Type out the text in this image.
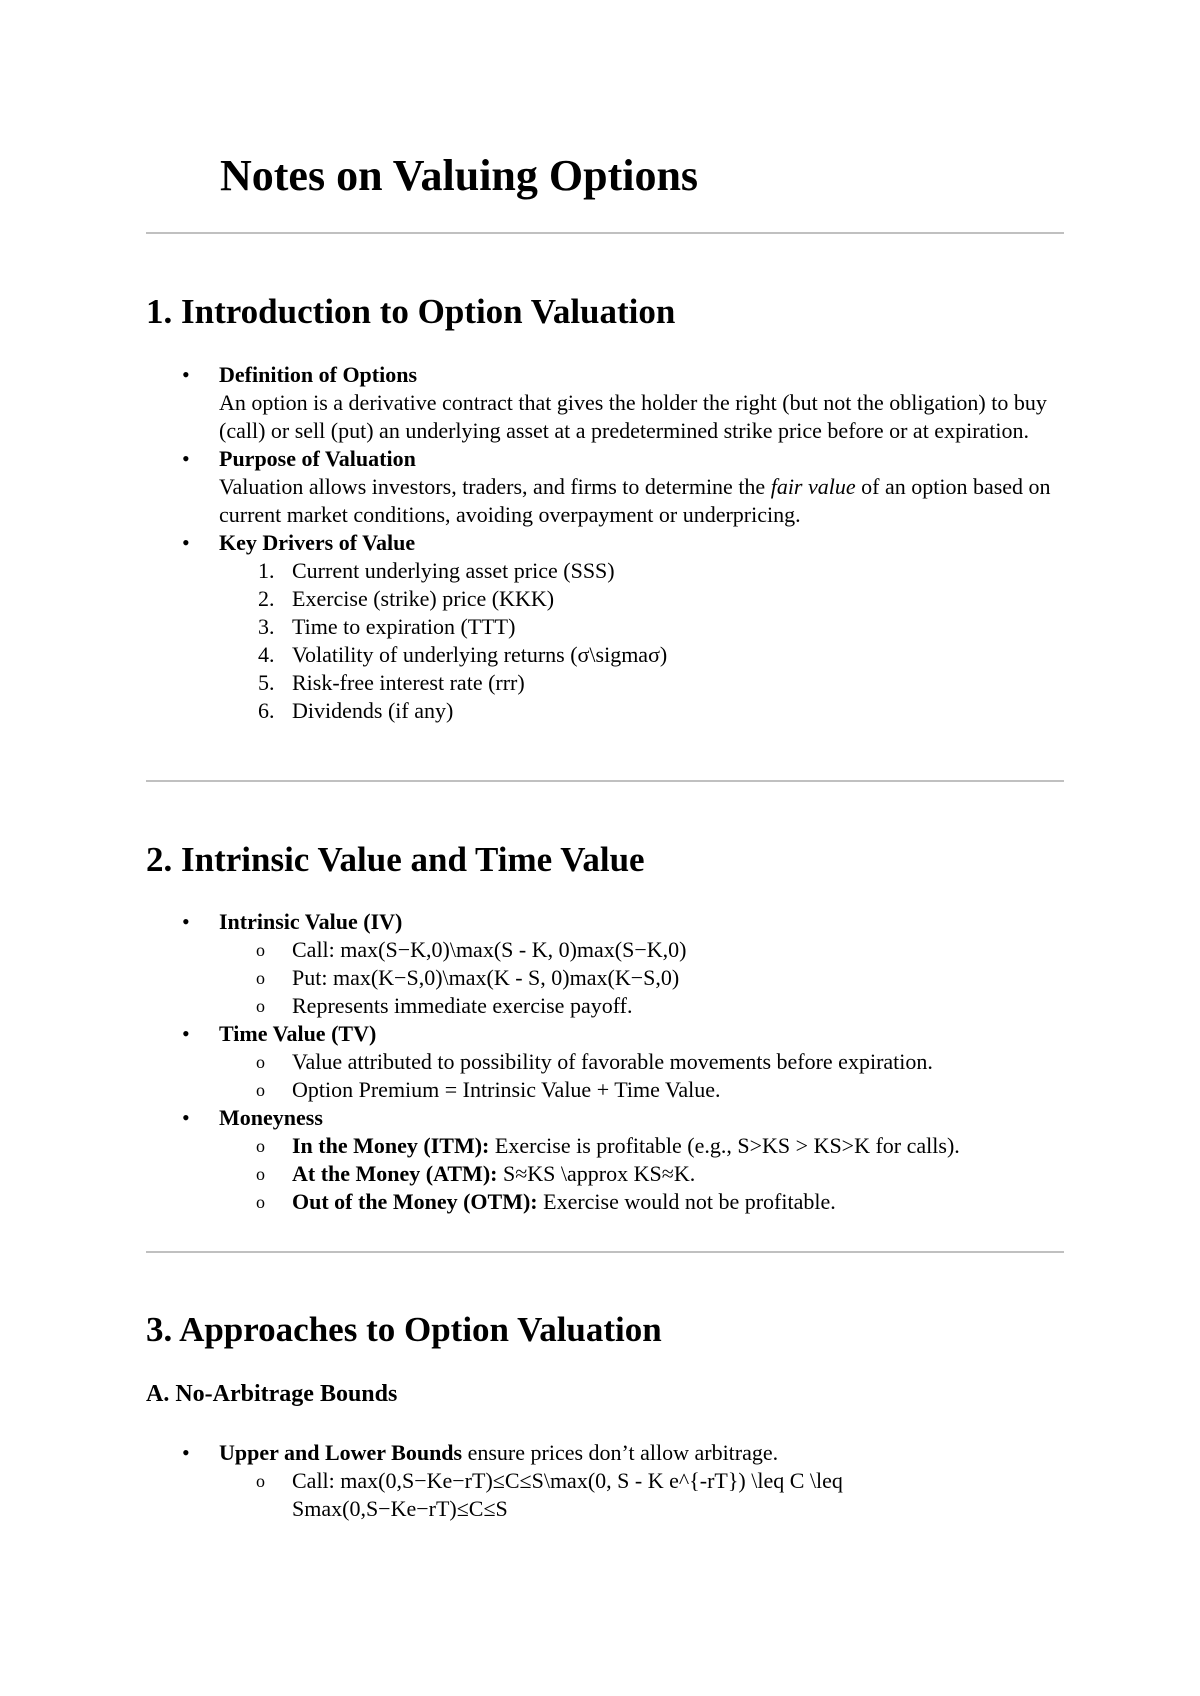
Notes on Valuing Options
1. Introduction to Option Valuation
• Definition of Options
An option is a derivative contract that gives the holder the right (but not the obligation) to buy (call) or sell (put) an underlying asset at a predetermined strike price before or at expiration.
• Purpose of Valuation
Valuation allows investors, traders, and firms to determine the fair value of an option based on current market conditions, avoiding overpayment or underpricing.
• Key Drivers of Value
1. Current underlying asset price (SSS)
2. Exercise (strike) price (KKK)
3. Time to expiration (TTT)
4. Volatility of underlying returns (σ\sigmaσ)
5. Risk-free interest rate (rrr)
6. Dividends (if any)
2. Intrinsic Value and Time Value
• Intrinsic Value (IV)
o Call: max(S−K,0)\max(S - K, 0)max(S−K,0)
o Put: max(K−S,0)\max(K - S, 0)max(K−S,0)
o Represents immediate exercise payoff.
• Time Value (TV)
o Value attributed to possibility of favorable movements before expiration.
o Option Premium = Intrinsic Value + Time Value.
• Moneyness
o In the Money (ITM): Exercise is profitable (e.g., S>KS > KS>K for calls).
o At the Money (ATM): S≈KS \approx KS≈K.
o Out of the Money (OTM): Exercise would not be profitable.
3. Approaches to Option Valuation
A. No-Arbitrage Bounds
• Upper and Lower Bounds ensure prices don’t allow arbitrage.
o Call: max(0,S−Ke−rT)≤C≤S\max(0, S - K e^{-rT}) \leq C \leq
Smax(0,S−Ke−rT)≤C≤S
